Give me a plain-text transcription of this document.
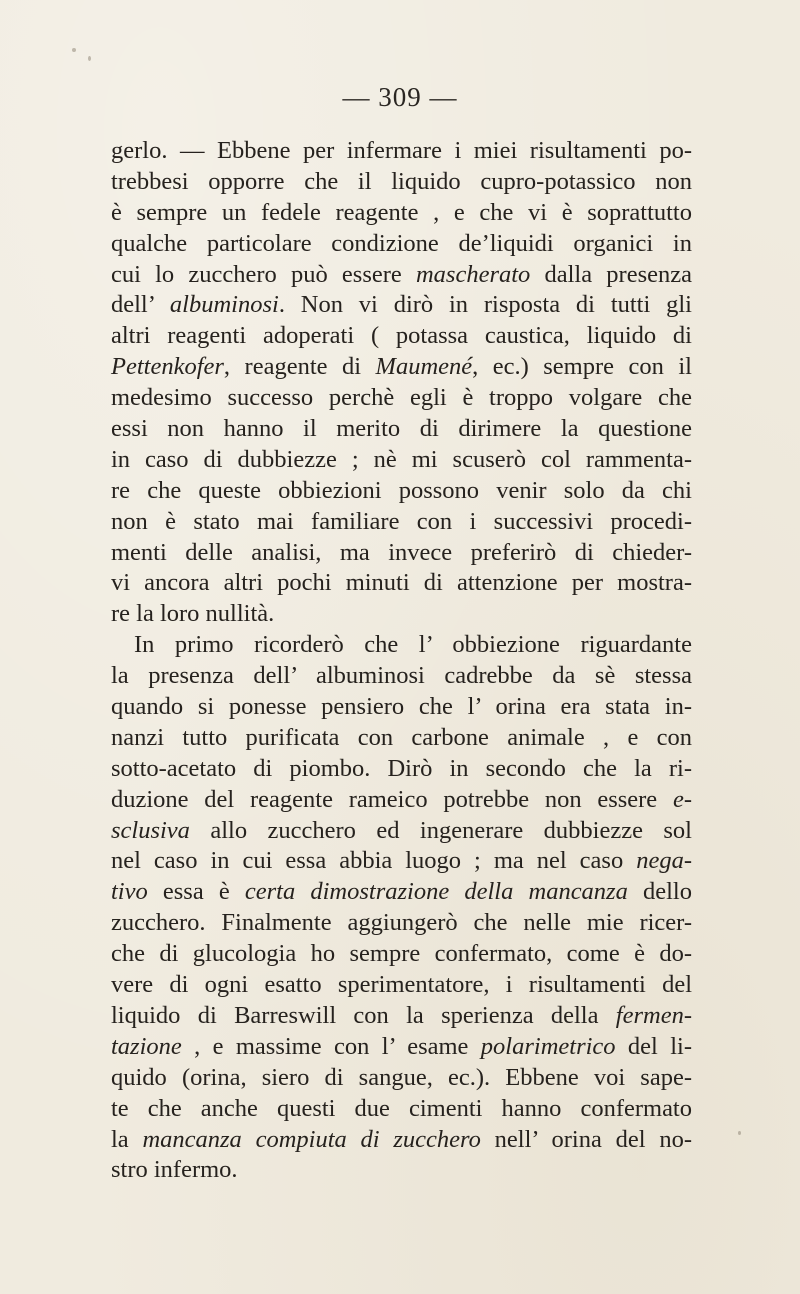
— 309 —
gerlo. — Ebbene per infermare i miei risultamenti po-
trebbesi opporre che il liquido cupro-potassico non
è sempre un fedele reagente , e che vi è soprattutto
qualche particolare condizione de’liquidi organici in
cui lo zucchero può essere mascherato dalla presenza
dell’ albuminosi. Non vi dirò in risposta di tutti gli
altri reagenti adoperati ( potassa caustica, liquido di
Pettenkofer, reagente di Maumené, ec.) sempre con il
medesimo successo perchè egli è troppo volgare che
essi non hanno il merito di dirimere la questione
in caso di dubbiezze ; nè mi scuserò col rammenta-
re che queste obbiezioni possono venir solo da chi
non è stato mai familiare con i successivi procedi-
menti delle analisi, ma invece preferirò di chieder-
vi ancora altri pochi minuti di attenzione per mostra-
re la loro nullità.
In primo ricorderò che l’ obbiezione riguardante
la presenza dell’ albuminosi cadrebbe da sè stessa
quando si ponesse pensiero che l’ orina era stata in-
nanzi tutto purificata con carbone animale , e con
sotto-acetato di piombo. Dirò in secondo che la ri-
duzione del reagente rameico potrebbe non essere e-
sclusiva allo zucchero ed ingenerare dubbiezze sol
nel caso in cui essa abbia luogo ; ma nel caso nega-
tivo essa è certa dimostrazione della mancanza dello
zucchero. Finalmente aggiungerò che nelle mie ricer-
che di glucologia ho sempre confermato, come è do-
vere di ogni esatto sperimentatore, i risultamenti del
liquido di Barreswill con la sperienza della fermen-
tazione , e massime con l’ esame polarimetrico del li-
quido (orina, siero di sangue, ec.). Ebbene voi sape-
te che anche questi due cimenti hanno confermato
la mancanza compiuta di zucchero nell’ orina del no-
stro infermo.
